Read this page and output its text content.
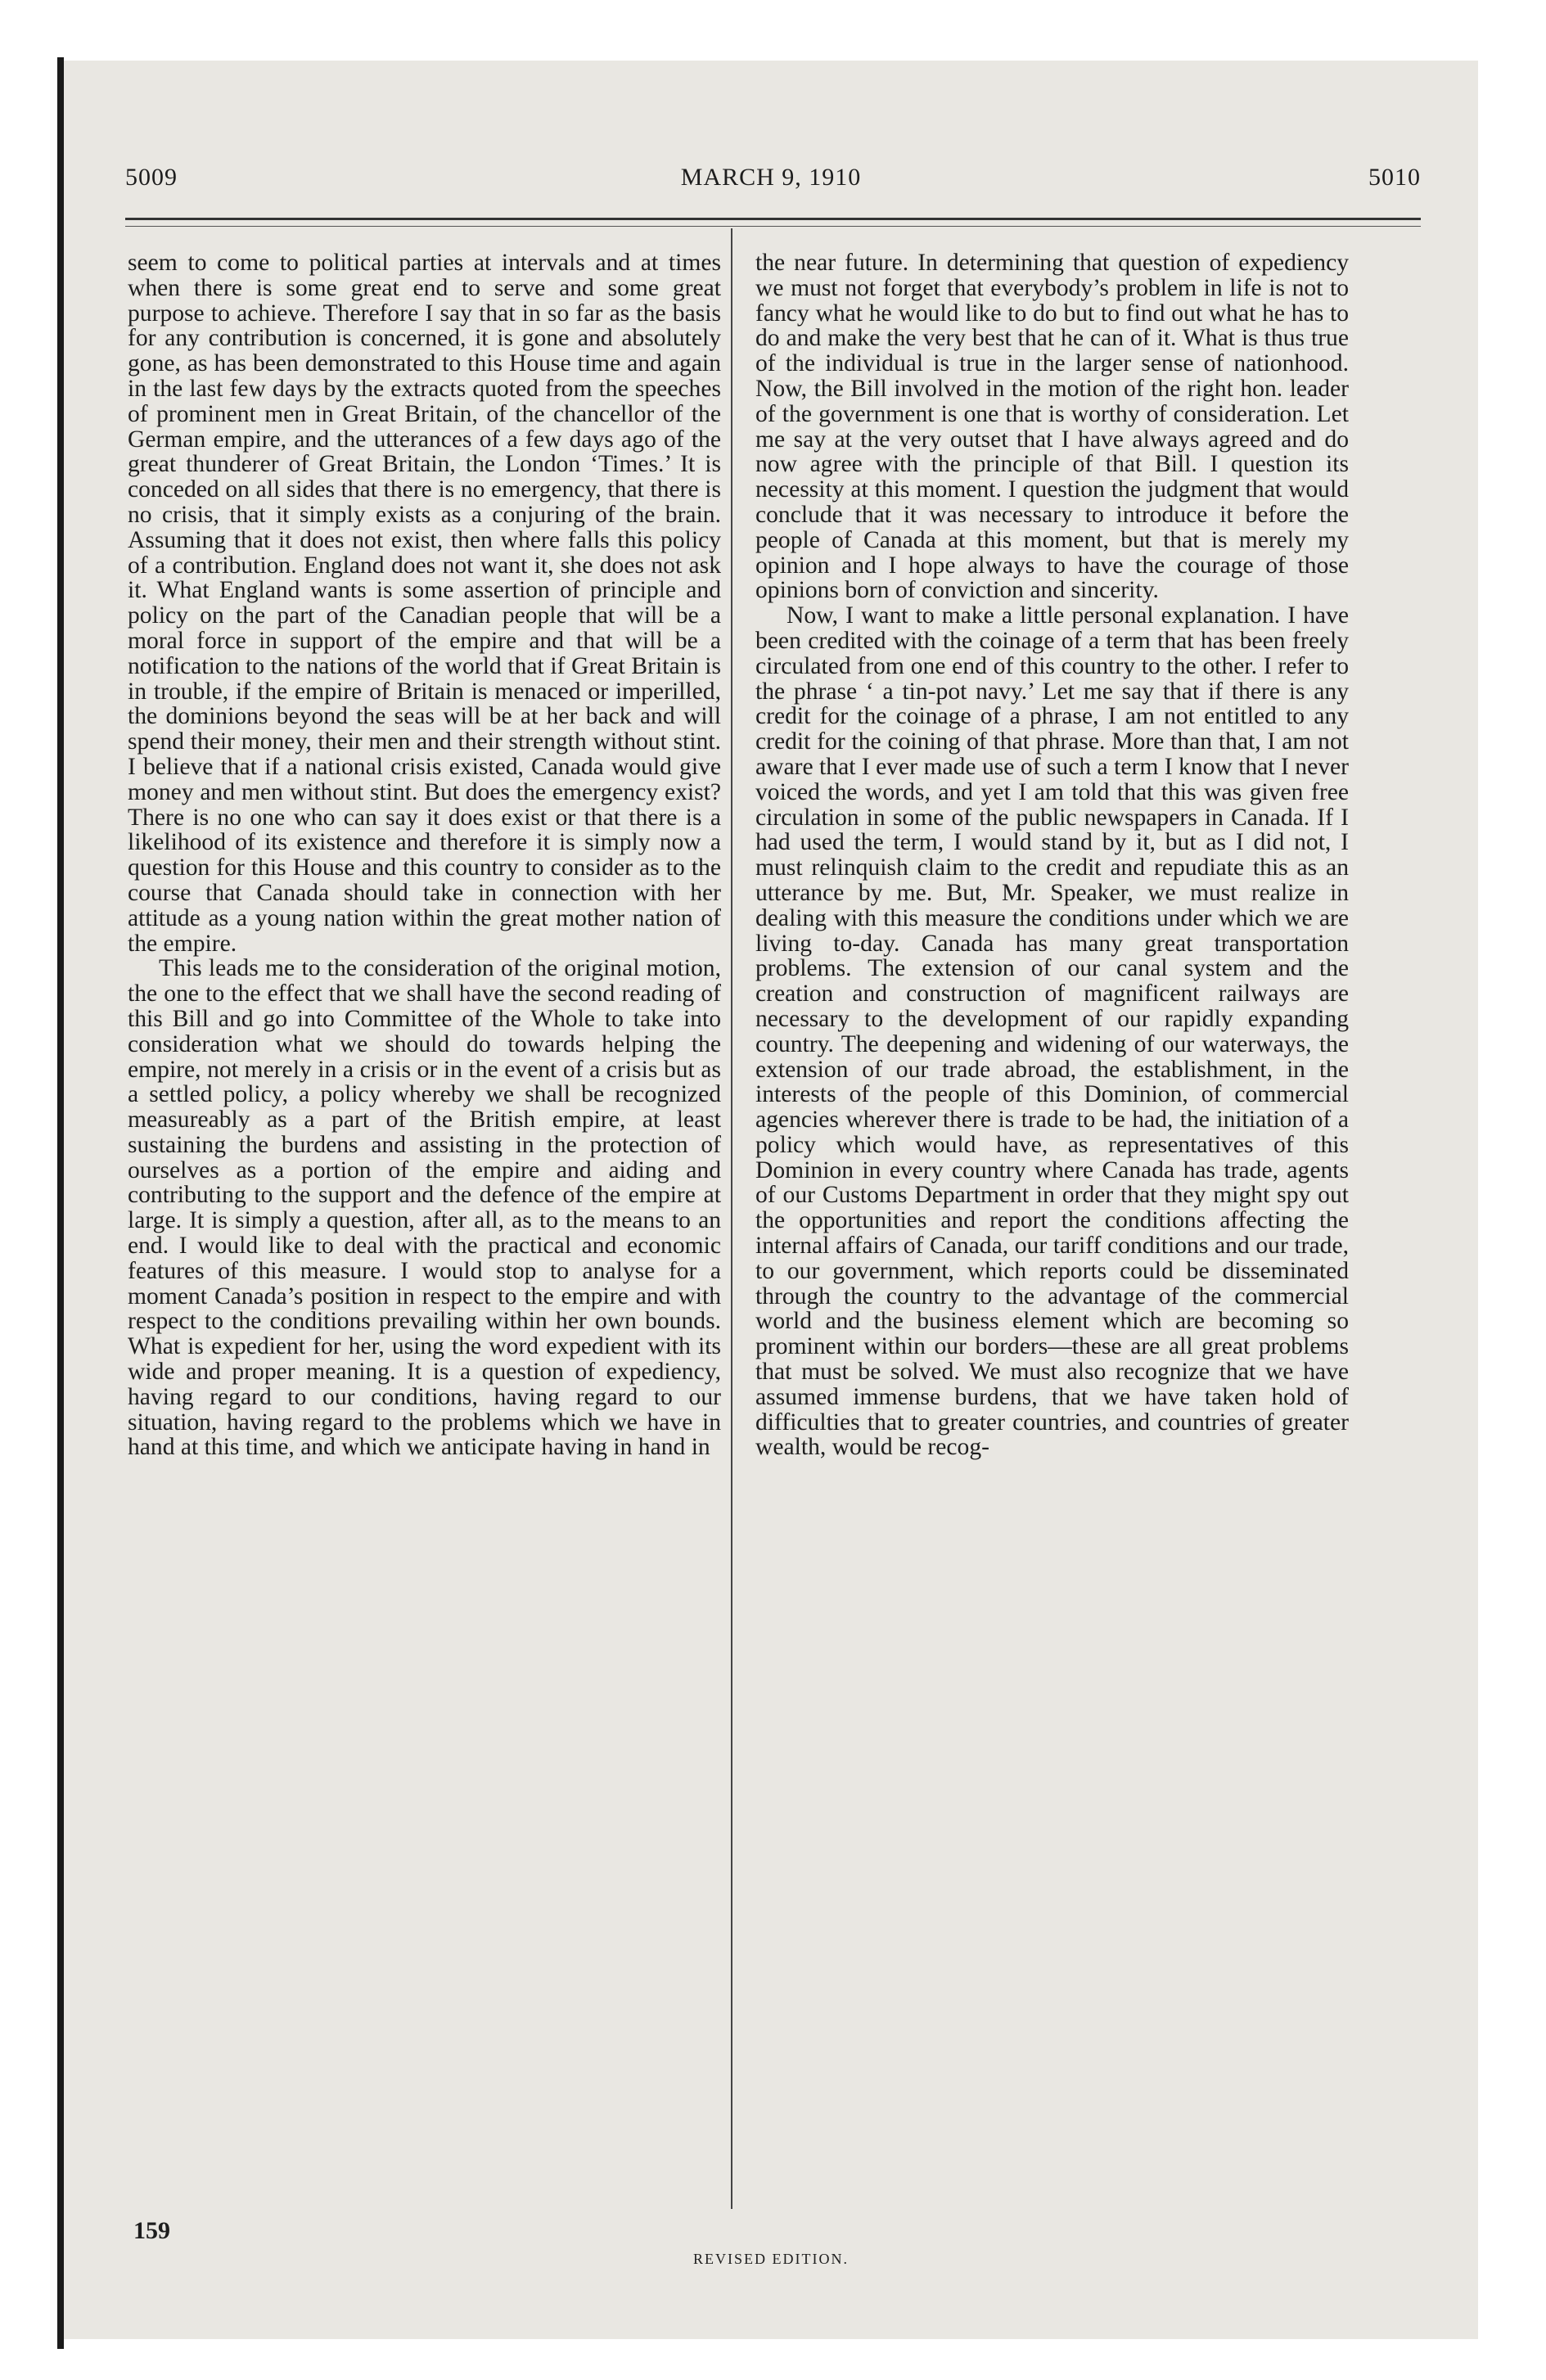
5009	MARCH 9, 1910	5010

seem to come to political parties at intervals and at times when there is some great end to serve and some great purpose to achieve. Therefore I say that in so far as the basis for any contribution is concerned, it is gone and absolutely gone, as has been demonstrated to this House time and again in the last few days by the extracts quoted from the speeches of prominent men in Great Britain, of the chancellor of the German empire, and the utterances of a few days ago of the great thunderer of Great Britain, the London ‘Times.’ It is conceded on all sides that there is no emergency, that there is no crisis, that it simply exists as a conjuring of the brain. Assuming that it does not exist, then where falls this policy of a contribution. England does not want it, she does not ask it. What England wants is some assertion of principle and policy on the part of the Canadian people that will be a moral force in support of the empire and that will be a notification to the nations of the world that if Great Britain is in trouble, if the empire of Britain is menaced or imperilled, the dominions beyond the seas will be at her back and will spend their money, their men and their strength without stint. I believe that if a national crisis existed, Canada would give money and men without stint. But does the emergency exist? There is no one who can say it does exist or that there is a likelihood of its existence and therefore it is simply now a question for this House and this country to consider as to the course that Canada should take in connection with her attitude as a young nation within the great mother nation of the empire.

This leads me to the consideration of the original motion, the one to the effect that we shall have the second reading of this Bill and go into Committee of the Whole to take into consideration what we should do towards helping the empire, not merely in a crisis or in the event of a crisis but as a settled policy, a policy whereby we shall be recognized measureably as a part of the British empire, at least sustaining the burdens and assisting in the protection of ourselves as a portion of the empire and aiding and contributing to the support and the defence of the empire at large. It is simply a question, after all, as to the means to an end. I would like to deal with the practical and economic features of this measure. I would stop to analyse for a moment Canada’s position in respect to the empire and with respect to the conditions prevailing within her own bounds. What is expedient for her, using the word expedient with its wide and proper meaning. It is a question of expediency, having regard to our conditions, having regard to our situation, having regard to the problems which we have in hand at this time, and which we anticipate having in hand in

the near future. In determining that question of expediency we must not forget that everybody’s problem in life is not to fancy what he would like to do but to find out what he has to do and make the very best that he can of it. What is thus true of the individual is true in the larger sense of nationhood. Now, the Bill involved in the motion of the right hon. leader of the government is one that is worthy of consideration. Let me say at the very outset that I have always agreed and do now agree with the principle of that Bill. I question its necessity at this moment. I question the judgment that would conclude that it was necessary to introduce it before the people of Canada at this moment, but that is merely my opinion and I hope always to have the courage of those opinions born of conviction and sincerity.

Now, I want to make a little personal explanation. I have been credited with the coinage of a term that has been freely circulated from one end of this country to the other. I refer to the phrase ‘ a tin-pot navy.’ Let me say that if there is any credit for the coinage of a phrase, I am not entitled to any credit for the coining of that phrase. More than that, I am not aware that I ever made use of such a term I know that I never voiced the words, and yet I am told that this was given free circulation in some of the public newspapers in Canada. If I had used the term, I would stand by it, but as I did not, I must relinquish claim to the credit and repudiate this as an utterance by me. But, Mr. Speaker, we must realize in dealing with this measure the conditions under which we are living to-day. Canada has many great transportation problems. The extension of our canal system and the creation and construction of magnificent railways are necessary to the development of our rapidly expanding country. The deepening and widening of our waterways, the extension of our trade abroad, the establishment, in the interests of the people of this Dominion, of commercial agencies wherever there is trade to be had, the initiation of a policy which would have, as representatives of this Dominion in every country where Canada has trade, agents of our Customs Department in order that they might spy out the opportunities and report the conditions affecting the internal affairs of Canada, our tariff conditions and our trade, to our government, which reports could be disseminated through the country to the advantage of the commercial world and the business element which are becoming so prominent within our borders—these are all great problems that must be solved. We must also recognize that we have assumed immense burdens, that we have taken hold of difficulties that to greater countries, and countries of greater wealth, would be recog-

159
REVISED EDITION.
